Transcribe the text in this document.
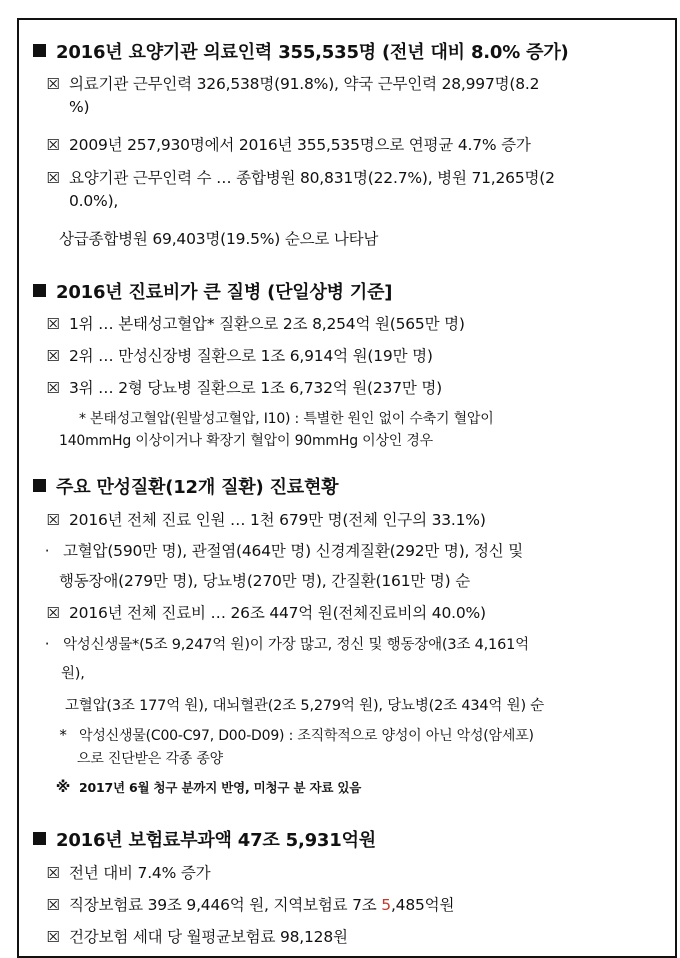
2016년 요양기관 의료인력 355,535명 (전년 대비 8.0% 증가)
☒ 의료기관 근무인력 326,538명(91.8%), 약국 근무인력 28,997명(8.2
%)
☒ 2009년 257,930명에서 2016년 355,535명으로 연평균 4.7% 증가
☒ 요양기관 근무인력 수 … 종합병원 80,831명(22.7%), 병원 71,265명(2
0.0%),
상급종합병원 69,403명(19.5%) 순으로 나타남
2016년 진료비가 큰 질병 (단일상병 기준]
☒ 1위 … 본태성고혈압* 질환으로 2조 8,254억 원(565만 명)
☒ 2위 … 만성신장병 질환으로 1조 6,914억 원(19만 명)
☒ 3위 … 2형 당뇨병 질환으로 1조 6,732억 원(237만 명)
* 본태성고혈압(원발성고혈압, I10) : 특별한 원인 없이 수축기 혈압이
140mmHg 이상이거나 확장기 혈압이 90mmHg 이상인 경우
주요 만성질환(12개 질환) 진료현황
☒ 2016년 전체 진료 인원 … 1천 679만 명(전체 인구의 33.1%)
· 고혈압(590만 명), 관절염(464만 명) 신경계질환(292만 명), 정신 및
행동장애(279만 명), 당뇨병(270만 명), 간질환(161만 명) 순
☒ 2016년 전체 진료비 … 26조 447억 원(전체진료비의 40.0%)
· 악성신생물*(5조 9,247억 원)이 가장 많고, 정신 및 행동장애(3조 4,161억
원),
고혈압(3조 177억 원), 대뇌혈관(2조 5,279억 원), 당뇨병(2조 434억 원) 순
* 악성신생물(C00-C97, D00-D09) : 조직학적으로 양성이 아닌 악성(암세포)
으로 진단받은 각종 종양
※ 2017년 6월 청구 분까지 반영, 미청구 분 자료 있음
2016년 보험료부과액 47조 5,931억원
☒ 전년 대비 7.4% 증가
☒ 직장보험료 39조 9,446억 원, 지역보험료 7조 5,485억원
☒ 건강보험 세대 당 월평균보험료 98,128원
